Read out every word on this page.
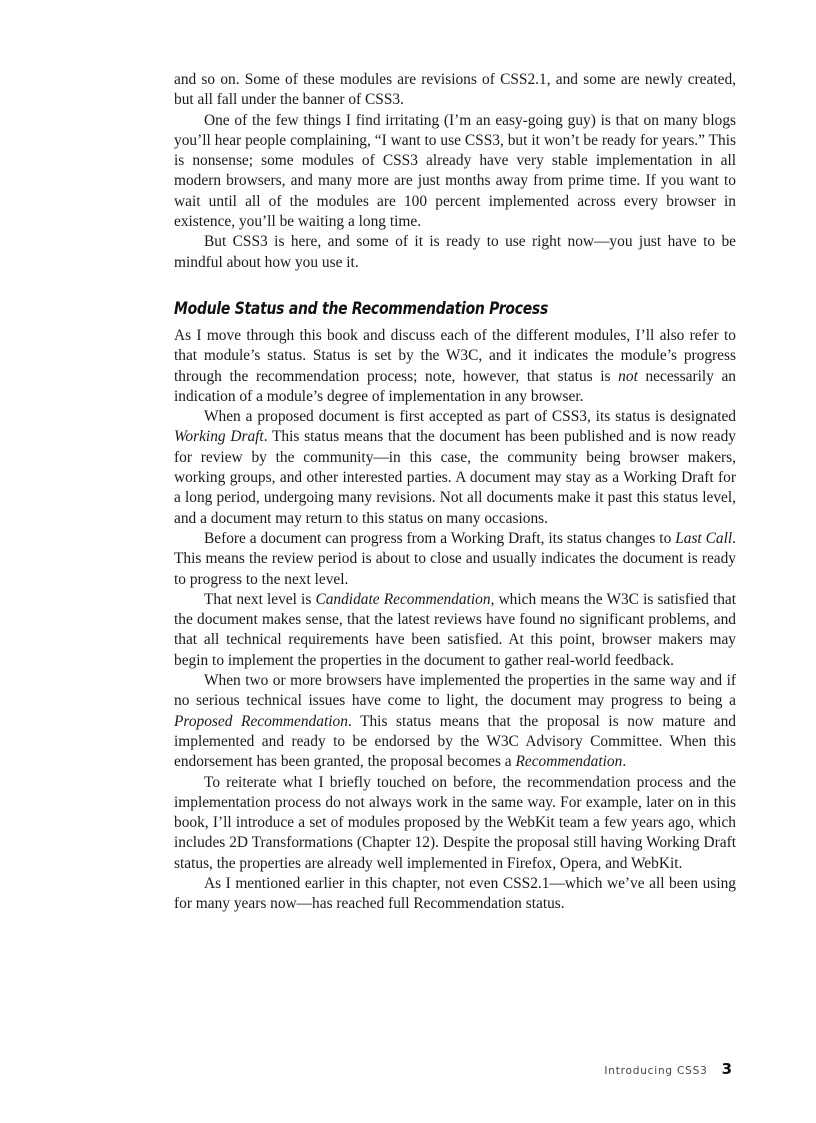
and so on. Some of these modules are revisions of CSS2.1, and some are newly created, but all fall under the banner of CSS3.

One of the few things I find irritating (I’m an easy-going guy) is that on many blogs you’ll hear people complaining, “I want to use CSS3, but it won’t be ready for years.” This is nonsense; some modules of CSS3 already have very stable implementation in all modern browsers, and many more are just months away from prime time. If you want to wait until all of the modules are 100 percent implemented across every browser in existence, you’ll be waiting a long time.

But CSS3 is here, and some of it is ready to use right now—you just have to be mindful about how you use it.

Module Status and the Recommendation Process

As I move through this book and discuss each of the different modules, I’ll also refer to that module’s status. Status is set by the W3C, and it indicates the module’s progress through the recommendation process; note, however, that status is not necessarily an indication of a module’s degree of implementation in any browser.

When a proposed document is first accepted as part of CSS3, its status is designated Working Draft. This status means that the document has been published and is now ready for review by the community—in this case, the community being browser makers, working groups, and other interested parties. A document may stay as a Working Draft for a long period, undergoing many revisions. Not all documents make it past this status level, and a document may return to this status on many occasions.

Before a document can progress from a Working Draft, its status changes to Last Call. This means the review period is about to close and usually indicates the document is ready to progress to the next level.

That next level is Candidate Recommendation, which means the W3C is satisfied that the document makes sense, that the latest reviews have found no significant problems, and that all technical requirements have been satisfied. At this point, browser makers may begin to implement the properties in the document to gather real-world feedback.

When two or more browsers have implemented the properties in the same way and if no serious technical issues have come to light, the document may progress to being a Proposed Recommendation. This status means that the proposal is now mature and implemented and ready to be endorsed by the W3C Advisory Committee. When this endorsement has been granted, the proposal becomes a Recommendation.

To reiterate what I briefly touched on before, the recommendation process and the implementation process do not always work in the same way. For example, later on in this book, I’ll introduce a set of modules proposed by the WebKit team a few years ago, which includes 2D Transformations (Chapter 12). Despite the proposal still having Working Draft status, the properties are already well implemented in Firefox, Opera, and WebKit.

As I mentioned earlier in this chapter, not even CSS2.1—which we’ve all been using for many years now—has reached full Recommendation status.

Introducing CSS3 3
